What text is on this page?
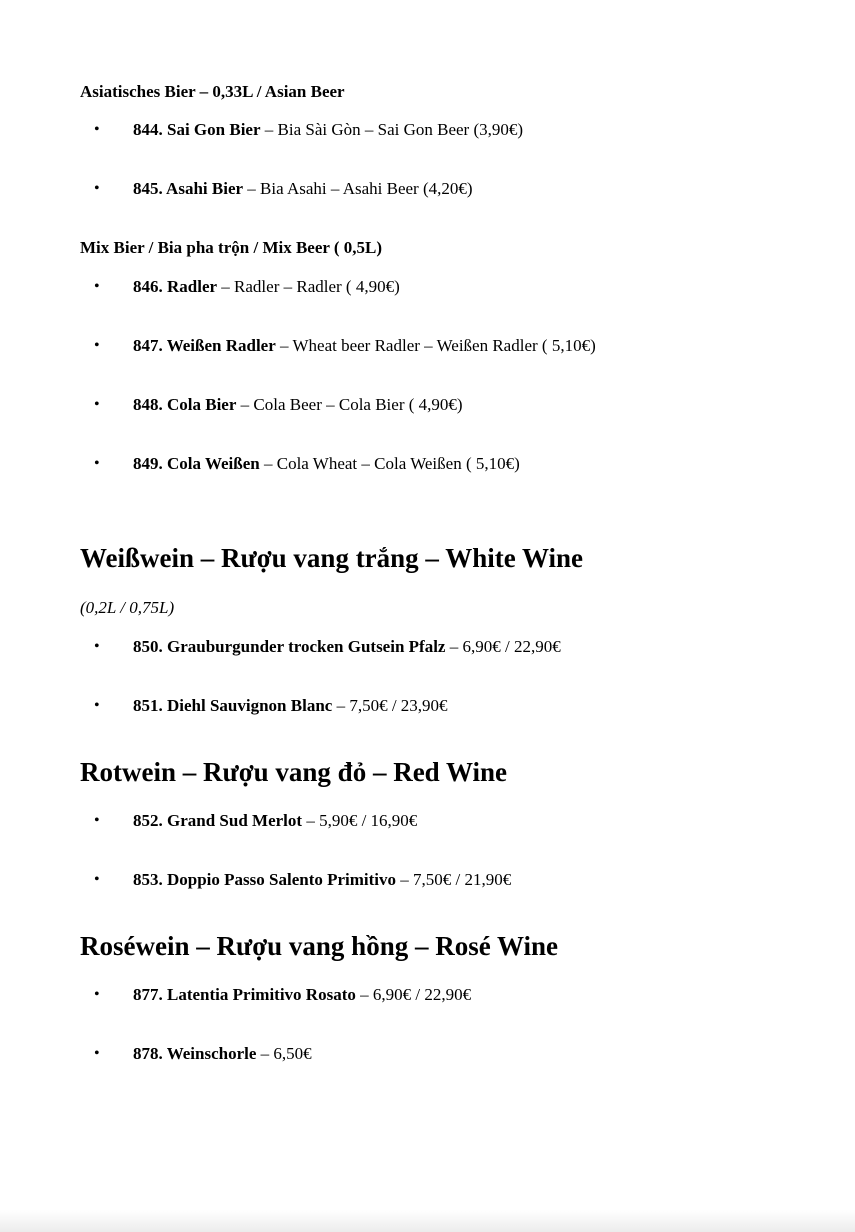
Asiatisches Bier – 0,33L / Asian Beer
• 844. Sai Gon Bier – Bia Sài Gòn – Sai Gon Beer (3,90€)
• 845. Asahi Bier – Bia Asahi – Asahi Beer (4,20€)
Mix Bier / Bia pha trộn / Mix Beer ( 0,5L)
• 846. Radler – Radler – Radler ( 4,90€)
• 847. Weißen Radler – Wheat beer Radler – Weißen Radler ( 5,10€)
• 848. Cola Bier – Cola Beer – Cola Bier ( 4,90€)
• 849. Cola Weißen – Cola Wheat – Cola Weißen ( 5,10€)
Weißwein – Rượu vang trắng – White Wine
(0,2L / 0,75L)
• 850. Grauburgunder trocken Gutsein Pfalz – 6,90€ / 22,90€
• 851. Diehl Sauvignon Blanc – 7,50€ / 23,90€
Rotwein – Rượu vang đỏ – Red Wine
• 852. Grand Sud Merlot – 5,90€ / 16,90€
• 853. Doppio Passo Salento Primitivo – 7,50€ / 21,90€
Roséwein – Rượu vang hồng – Rosé Wine
• 877. Latentia Primitivo Rosato – 6,90€ / 22,90€
• 878. Weinschorle – 6,50€
